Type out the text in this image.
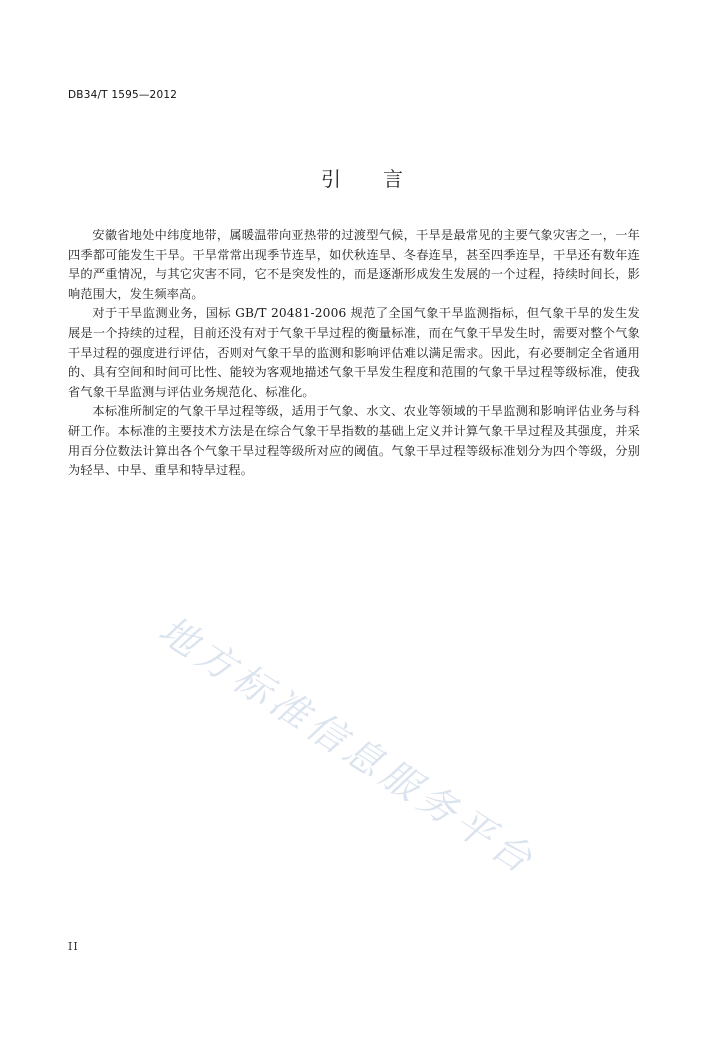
DB34/T 1595—2012
引 言

安徽省地处中纬度地带，属暖温带向亚热带的过渡型气候，干旱是最常见的主要气象灾害之一，一年四季都可能发生干旱。干旱常常出现季节连旱，如伏秋连旱、冬春连旱，甚至四季连旱，干旱还有数年连旱的严重情况，与其它灾害不同，它不是突发性的，而是逐渐形成发生发展的一个过程，持续时间长，影响范围大，发生频率高。

对于干旱监测业务，国标 GB/T 20481-2006 规范了全国气象干旱监测指标，但气象干旱的发生发展是一个持续的过程，目前还没有对于气象干旱过程的衡量标准，而在气象干旱发生时，需要对整个气象干旱过程的强度进行评估，否则对气象干旱的监测和影响评估难以满足需求。因此，有必要制定全省通用的、具有空间和时间可比性、能较为客观地描述气象干旱发生程度和范围的气象干旱过程等级标准，使我省气象干旱监测与评估业务规范化、标准化。

本标准所制定的气象干旱过程等级，适用于气象、水文、农业等领域的干旱监测和影响评估业务与科研工作。本标准的主要技术方法是在综合气象干旱指数的基础上定义并计算气象干旱过程及其强度，并采用百分位数法计算出各个气象干旱过程等级所对应的阈值。气象干旱过程等级标准划分为四个等级，分别为轻旱、中旱、重旱和特旱过程。

地方标准信息服务平台
II
